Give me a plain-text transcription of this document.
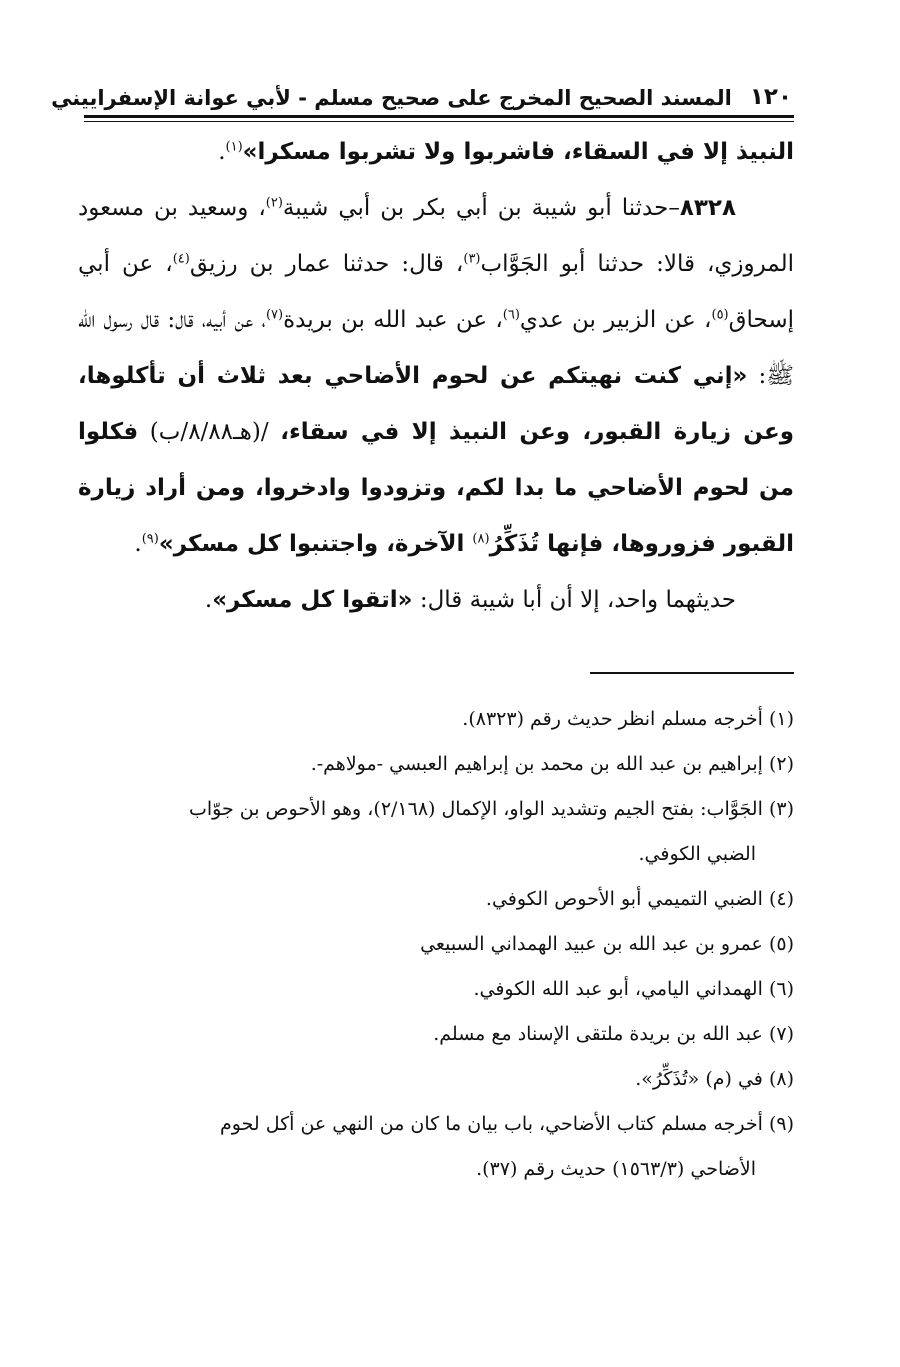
١٢٠
المسند الصحيح المخرج على صحيح مسلم - لأبي عوانة الإسفراييني

النبيذ إلا في السقاء، فاشربوا ولا تشربوا مسكرا»$^{(١)}$.

٨٣٢٨–حدثنا أبو شيبة بن أبي بكر بن أبي شيبة$^{(٢)}$، وسعيد بن مسعود المروزي، قالا: حدثنا أبو الجَوَّاب$^{(٣)}$، قال: حدثنا عمار بن رزيق$^{(٤)}$، عن أبي إسحاق$^{(٥)}$، عن الزبير بن عدي$^{(٦)}$، عن عبد الله بن بريدة$^{(٧)}$، عن أبيه، قال: قال رسول الله ﷺ: «إني كنت نهيتكم عن لحوم الأضاحي بعد ثلاث أن تأكلوها، وعن زيارة القبور، وعن النبيذ إلا في سقاء، /(هـ٨/٨٨/ب) فكلوا من لحوم الأضاحي ما بدا لكم، وتزودوا وادخروا، ومن أراد زيارة القبور فزوروها، فإنها تُذَكِّرُ$^{(٨)}$ الآخرة، واجتنبوا كل مسكر»$^{(٩)}$.

حديثهما واحد، إلا أن أبا شيبة قال: «اتقوا كل مسكر».

(١) أخرجه مسلم انظر حديث رقم (٨٣٢٣).

(٢) إبراهيم بن عبد الله بن محمد بن إبراهيم العبسي -مولاهم-.

(٣) الجَوَّاب: بفتح الجيم وتشديد الواو، الإكمال (٢/١٦٨)، وهو الأحوص بن جوّاب
الضبي الكوفي.

(٤) الضبي التميمي أبو الأحوص الكوفي.

(٥) عمرو بن عبد الله بن عبيد الهمداني السبيعي

(٦) الهمداني اليامي، أبو عبد الله الكوفي.

(٧) عبد الله بن بريدة ملتقى الإسناد مع مسلم.

(٨) في (م) «تُذَكِّرُ».

(٩) أخرجه مسلم كتاب الأضاحي، باب بيان ما كان من النهي عن أكل لحوم
الأضاحي (١٥٦٣/٣) حديث رقم (٣٧).
